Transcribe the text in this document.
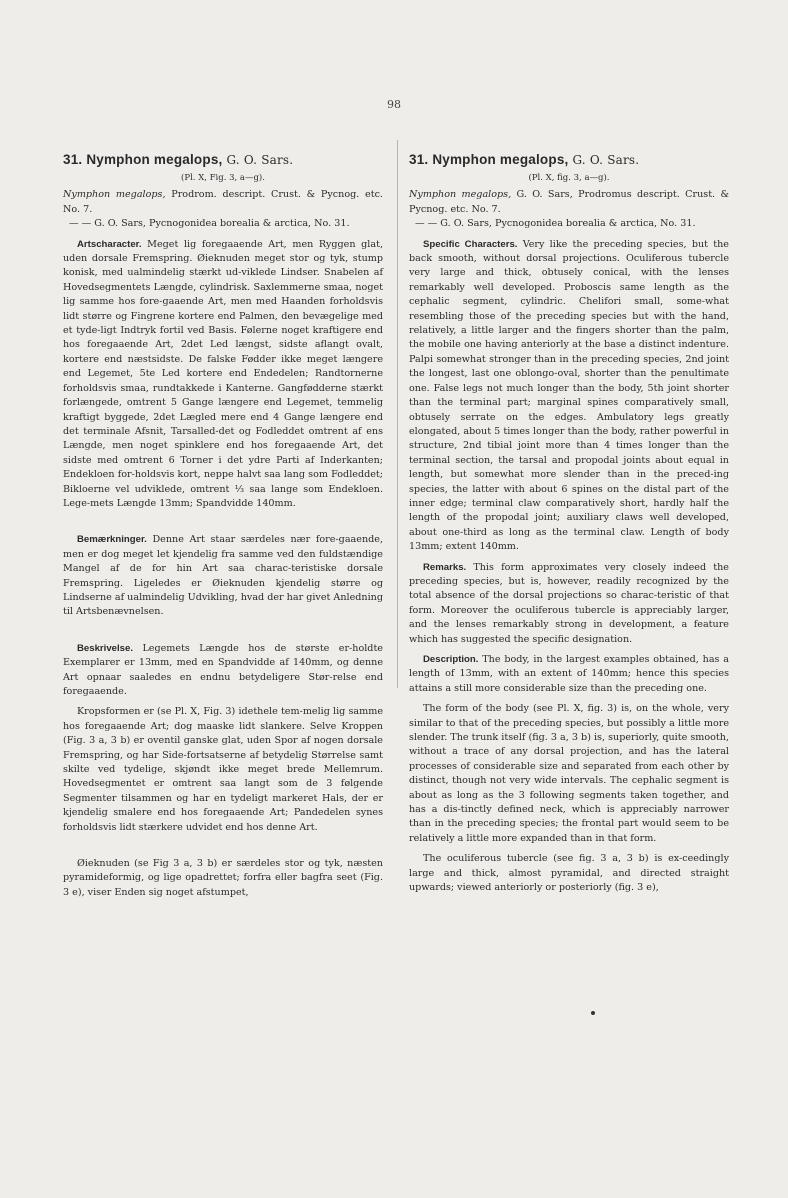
98
31. Nymphon megalops, G. O. Sars.
(Pl. X, Fig. 3, a—g).

Nymphon megalops, Prodrom. descript. Crust. & Pycnog. etc. No. 7.

— — G. O. Sars, Pycnogonidea borealia & arctica, No. 31.

Artscharacter. Meget lig foregaaende Art, men Ryggen glat, uden dorsale Fremspring. Øieknuden meget stor og tyk, stump konisk, med ualmindelig stærkt ud-viklede Lindser. Snabelen af Hovedsegmentets Længde, cylindrisk. Saxlemmerne smaa, noget lig samme hos fore-gaaende Art, men med Haanden forholdsvis lidt større og Fingrene kortere end Palmen, den bevægelige med et tyde-ligt Indtryk fortil ved Basis. Følerne noget kraftigere end hos foregaaende Art, 2det Led længst, sidste aflangt ovalt, kortere end næstsidste. De falske Fødder ikke meget længere end Legemet, 5te Led kortere end Endedelen; Randtornerne forholdsvis smaa, rundtakkede i Kanterne. Gangfødderne stærkt forlængede, omtrent 5 Gange længere end Legemet, temmelig kraftigt byggede, 2det Lægled mere end 4 Gange længere end det terminale Afsnit, Tarsalled-det og Fodleddet omtrent af ens Længde, men noget spinklere end hos foregaaende Art, det sidste med omtrent 6 Torner i det ydre Parti af Inderkanten; Endekloen for-holdsvis kort, neppe halvt saa lang som Fodleddet; Bikloerne vel udviklede, omtrent ⅓ saa lange som Endekloen. Lege-mets Længde 13mm; Spandvidde 140mm.

Bemærkninger. Denne Art staar særdeles nær fore-gaaende, men er dog meget let kjendelig fra samme ved den fuldstændige Mangel af de for hin Art saa charac-teristiske dorsale Fremspring. Ligeledes er Øieknuden kjendelig større og Lindserne af ualmindelig Udvikling, hvad der har givet Anledning til Artsbenævnelsen.

Beskrivelse. Legemets Længde hos de største er-holdte Exemplarer er 13mm, med en Spandvidde af 140mm, og denne Art opnaar saaledes en endnu betydeligere Stør-relse end foregaaende.

Kropsformen er (se Pl. X, Fig. 3) idethele tem-melig lig samme hos foregaaende Art; dog maaske lidt slankere. Selve Kroppen (Fig. 3 a, 3 b) er oventil ganske glat, uden Spor af nogen dorsale Fremspring, og har Side-fortsatserne af betydelig Størrelse samt skilte ved tydelige, skjøndt ikke meget brede Mellemrum. Hovedsegmentet er omtrent saa langt som de 3 følgende Segmenter tilsammen og har en tydeligt markeret Hals, der er kjendelig smalere end hos foregaaende Art; Pandedelen synes forholdsvis lidt stærkere udvidet end hos denne Art.

Øieknuden (se Fig 3 a, 3 b) er særdeles stor og tyk, næsten pyramideformig, og lige opadrettet; forfra eller bagfra seet (Fig. 3 e), viser Enden sig noget afstumpet,

31. Nymphon megalops, G. O. Sars.
(Pl. X, fig. 3, a—g).

Nymphon megalops, G. O. Sars, Prodromus descript. Crust. & Pycnog. etc. No. 7.

— — G. O. Sars, Pycnogonidea borealia & arctica, No. 31.

Specific Characters. Very like the preceding species, but the back smooth, without dorsal projections. Oculiferous tubercle very large and thick, obtusely conical, with the lenses remarkably well developed. Proboscis same length as the cephalic segment, cylindric. Chelifori small, some-what resembling those of the preceding species but with the hand, relatively, a little larger and the fingers shorter than the palm, the mobile one having anteriorly at the base a distinct indenture. Palpi somewhat stronger than in the preceding species, 2nd joint the longest, last one oblongo-oval, shorter than the penultimate one. False legs not much longer than the body, 5th joint shorter than the terminal part; marginal spines comparatively small, obtusely serrate on the edges. Ambulatory legs greatly elongated, about 5 times longer than the body, rather powerful in structure, 2nd tibial joint more than 4 times longer than the terminal section, the tarsal and propodal joints about equal in length, but somewhat more slender than in the preced-ing species, the latter with about 6 spines on the distal part of the inner edge; terminal claw comparatively short, hardly half the length of the propodal joint; auxiliary claws well developed, about one-third as long as the terminal claw. Length of body 13mm; extent 140mm.

Remarks. This form approximates very closely indeed the preceding species, but is, however, readily recognized by the total absence of the dorsal projections so charac-teristic of that form. Moreover the oculiferous tubercle is appreciably larger, and the lenses remarkably strong in development, a feature which has suggested the specific designation.

Description. The body, in the largest examples obtained, has a length of 13mm, with an extent of 140mm; hence this species attains a still more considerable size than the preceding one.

The form of the body (see Pl. X, fig. 3) is, on the whole, very similar to that of the preceding species, but possibly a little more slender. The trunk itself (fig. 3 a, 3 b) is, superiorly, quite smooth, without a trace of any dorsal projection, and has the lateral processes of considerable size and separated from each other by distinct, though not very wide intervals. The cephalic segment is about as long as the 3 following segments taken together, and has a dis-tinctly defined neck, which is appreciably narrower than in the preceding species; the frontal part would seem to be relatively a little more expanded than in that form.

The oculiferous tubercle (see fig. 3 a, 3 b) is ex-ceedingly large and thick, almost pyramidal, and directed straight upwards; viewed anteriorly or posteriorly (fig. 3 e),
